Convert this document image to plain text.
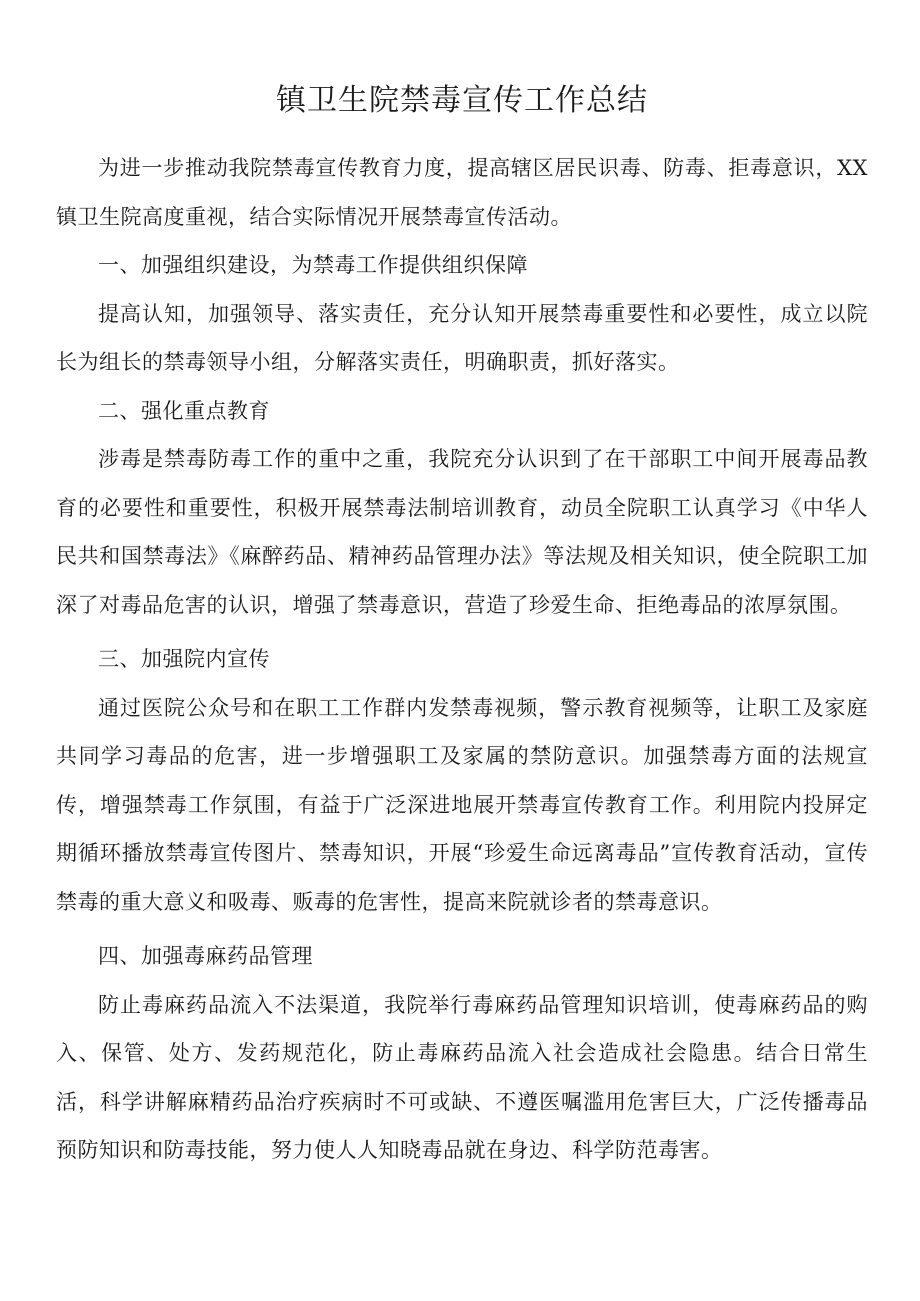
镇卫生院禁毒宣传工作总结

为进一步推动我院禁毒宣传教育力度，提高辖区居民识毒、防毒、拒毒意识，XX镇卫生院高度重视，结合实际情况开展禁毒宣传活动。

一、加强组织建设，为禁毒工作提供组织保障

提高认知，加强领导、落实责任，充分认知开展禁毒重要性和必要性，成立以院长为组长的禁毒领导小组，分解落实责任，明确职责，抓好落实。

二、强化重点教育

涉毒是禁毒防毒工作的重中之重，我院充分认识到了在干部职工中间开展毒品教育的必要性和重要性，积极开展禁毒法制培训教育，动员全院职工认真学习《中华人民共和国禁毒法》《麻醉药品、精神药品管理办法》等法规及相关知识，使全院职工加深了对毒品危害的认识，增强了禁毒意识，营造了珍爱生命、拒绝毒品的浓厚氛围。

三、加强院内宣传

通过医院公众号和在职工工作群内发禁毒视频，警示教育视频等，让职工及家庭共同学习毒品的危害，进一步增强职工及家属的禁防意识。加强禁毒方面的法规宣传，增强禁毒工作氛围，有益于广泛深进地展开禁毒宣传教育工作。利用院内投屏定期循环播放禁毒宣传图片、禁毒知识，开展“珍爱生命远离毒品”宣传教育活动，宣传禁毒的重大意义和吸毒、贩毒的危害性，提高来院就诊者的禁毒意识。

四、加强毒麻药品管理

防止毒麻药品流入不法渠道，我院举行毒麻药品管理知识培训，使毒麻药品的购入、保管、处方、发药规范化，防止毒麻药品流入社会造成社会隐患。结合日常生活，科学讲解麻精药品治疗疾病时不可或缺、不遵医嘱滥用危害巨大，广泛传播毒品预防知识和防毒技能，努力使人人知晓毒品就在身边、科学防范毒害。
